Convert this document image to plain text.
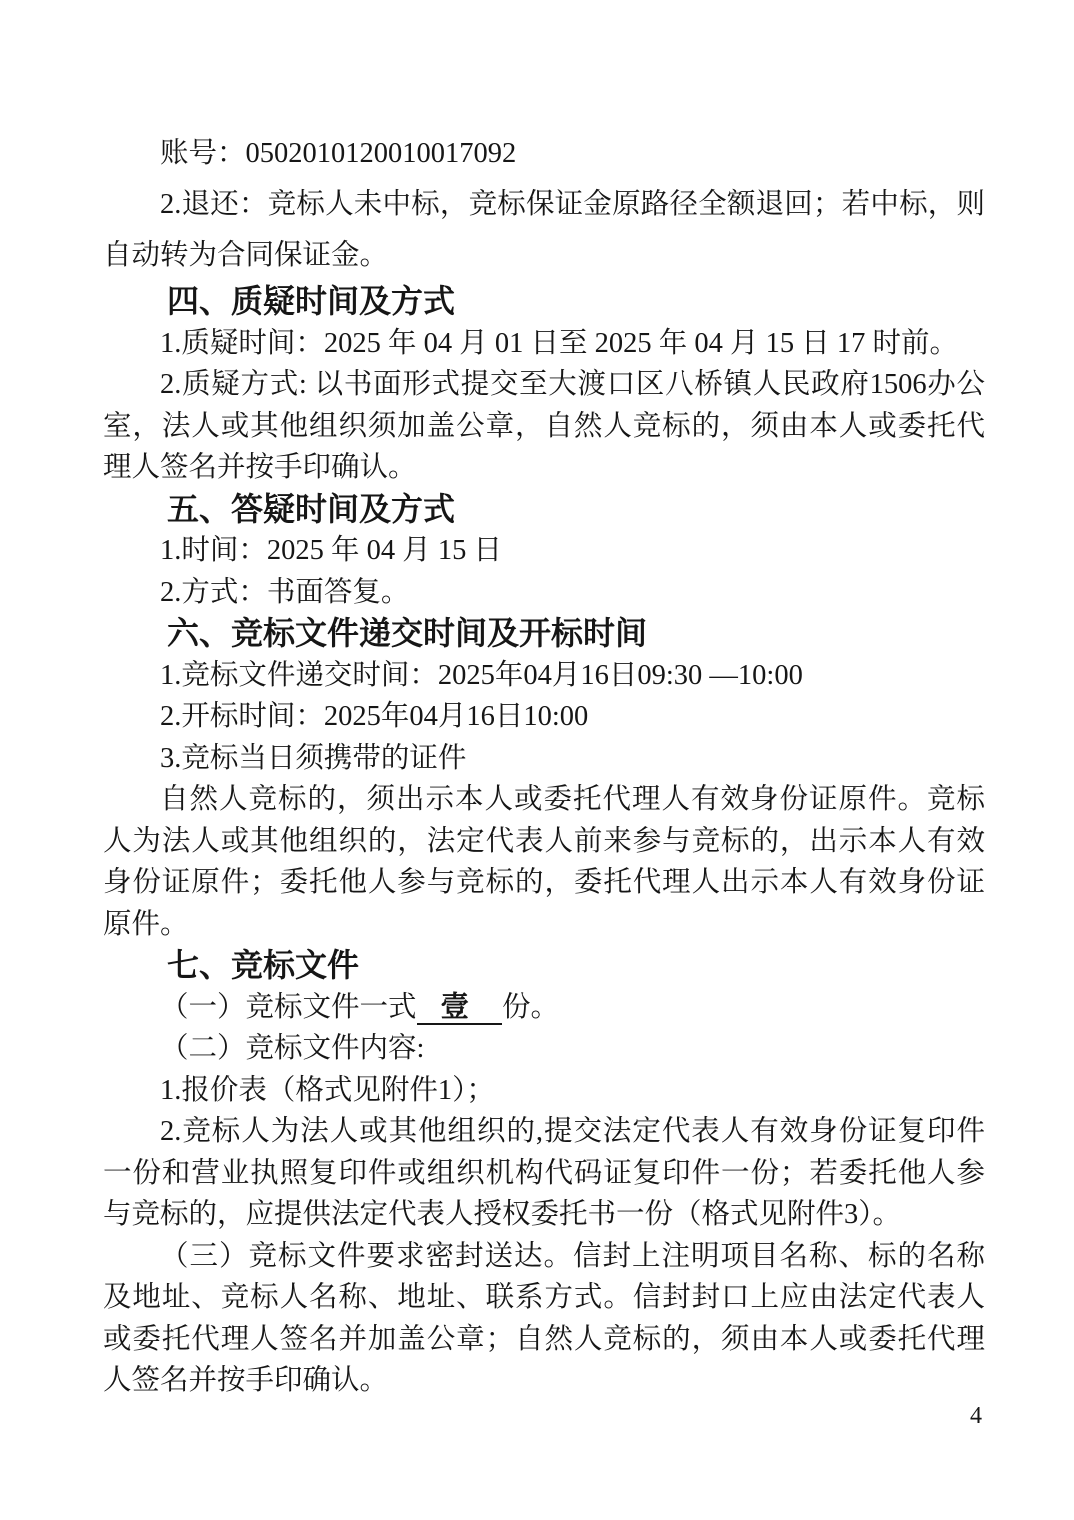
账号：0502010120010017092
2.退还：竞标人未中标，竞标保证金原路径全额退回；若中标，则
自动转为合同保证金。
四、质疑时间及方式
1.质疑时间：2025 年 04 月 01 日至 2025 年 04 月 15 日 17 时前。
2.质疑方式: 以书面形式提交至大渡口区八桥镇人民政府1506办公
室，法人或其他组织须加盖公章，自然人竞标的，须由本人或委托代
理人签名并按手印确认。
五、答疑时间及方式
1.时间：2025 年 04 月 15 日
2.方式：书面答复。
六、竞标文件递交时间及开标时间
1.竞标文件递交时间：2025年04月16日09:30 —10:00
2.开标时间：2025年04月16日10:00
3.竞标当日须携带的证件
自然人竞标的，须出示本人或委托代理人有效身份证原件。竞标
人为法人或其他组织的，法定代表人前来参与竞标的，出示本人有效
身份证原件；委托他人参与竞标的，委托代理人出示本人有效身份证
原件。
七、竞标文件
（一）竞标文件一式 壹 份。
（二）竞标文件内容:
1.报价表（格式见附件1）；
2.竞标人为法人或其他组织的,提交法定代表人有效身份证复印件
一份和营业执照复印件或组织机构代码证复印件一份；若委托他人参
与竞标的，应提供法定代表人授权委托书一份（格式见附件3）。
（三）竞标文件要求密封送达。信封上注明项目名称、标的名称
及地址、竞标人名称、地址、联系方式。信封封口上应由法定代表人
或委托代理人签名并加盖公章；自然人竞标的，须由本人或委托代理
人签名并按手印确认。
4
